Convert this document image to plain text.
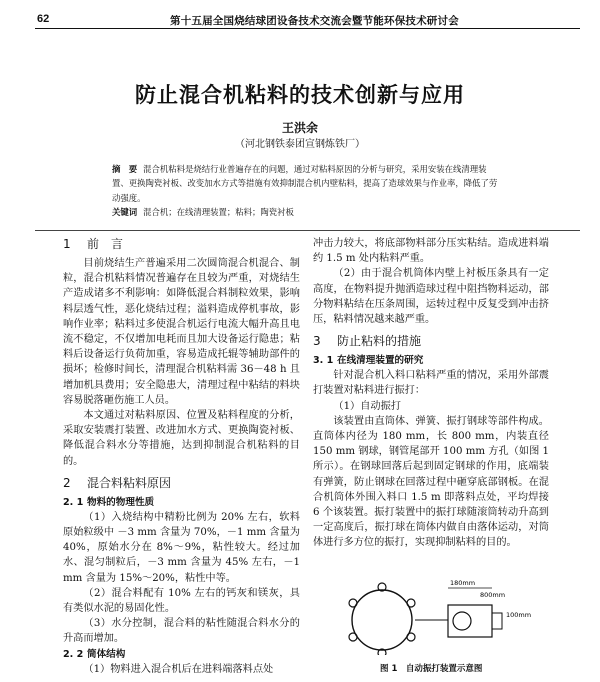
62	第十五届全国烧结球团设备技术交流会暨节能环保技术研讨会
防止混合机粘料的技术创新与应用
王洪余
（河北钢铁泰团宣钢炼铁厂）
摘　要 混合机粘料是烧结行业普遍存在的问题，通过对粘料原因的分析与研究，采用安装在线清理装置、更换陶瓷衬板、改变加水方式等措施有效抑制混合机内壁粘料，提高了造球效果与作业率，降低了劳动强度。
关键词 混合机；在线清理装置；粘料；陶瓷衬板
1 前　言

目前烧结生产普遍采用二次圆筒混合机混合、制粒，混合机粘料情况普遍存在且较为严重，对烧结生产造成诸多不利影响：如降低混合料制粒效果，影响料层透气性，恶化烧结过程；溢料造成停机事故，影响作业率；粘料过多使混合机运行电流大幅升高且电流不稳定，不仅增加电耗而且加大设备运行隐患；粘料后设备运行负荷加重，容易造成托辊等辅助部件的损坏；检修时间长，清理混合机粘料需 36－48 h 且增加机具费用；安全隐患大，清理过程中粘结的料块容易脱落砸伤施工人员。

本文通过对粘料原因、位置及粘料程度的分析，采取安装震打装置、改进加水方式、更换陶瓷衬板、降低混合料水分等措施，达到抑制混合机粘料的目的。

2 混合料粘料原因
2. 1 物料的物理性质

（1）入烧结构中精粉比例为 20% 左右，软料原始粒级中 －3 mm 含量为 70%，－1 mm 含量为 40%，原始水分在 8%～9%，粘性较大。经过加水、混匀制粒后，－3 mm 含量为 45% 左右，－1 mm 含量为 15%～20%，粘性中等。

（2）混合料配有 10% 左右的钙灰和镁灰，具有类似水泥的易固化性。

（3）水分控制，混合料的粘性随混合料水分的升高而增加。

2. 2 筒体结构

（1）物料进入混合机后在进料端落料点处

冲击力较大，将底部物料部分压实粘结。造成进料端约 1.5 m 处内粘料严重。

（2）由于混合机筒体内壁上衬板压条具有一定高度，在物料提升抛洒造球过程中阻挡物料运动，部分物料粘结在压条周围，运转过程中反复受到冲击挤压，粘料情况越来越严重。

3 防止粘料的措施
3. 1 在线清理装置的研究

针对混合机入料口粘料严重的情况，采用外部震打装置对粘料进行振打：

（1）自动振打

该装置由直筒体、弹簧、振打钢球等部件构成。直筒体内径为 180 mm，长 800 mm，内装直径 150 mm 钢球，钢管尾部开 100 mm 方孔（如图 1 所示）。在钢球回落后起到固定钢球的作用，底端装有弹簧，防止钢球在回落过程中砸穿底部钢板。在混合机筒体外围入料口 1.5 m 即落料点处，平均焊接 6 个该装置。振打装置中的振打球随滚筒转动升高到一定高度后，振打球在筒体内做自由落体运动，对筒体进行多方位的振打，实现抑制粘料的目的。

180mm
800mm
100mm
图 1　自动振打装置示意图
